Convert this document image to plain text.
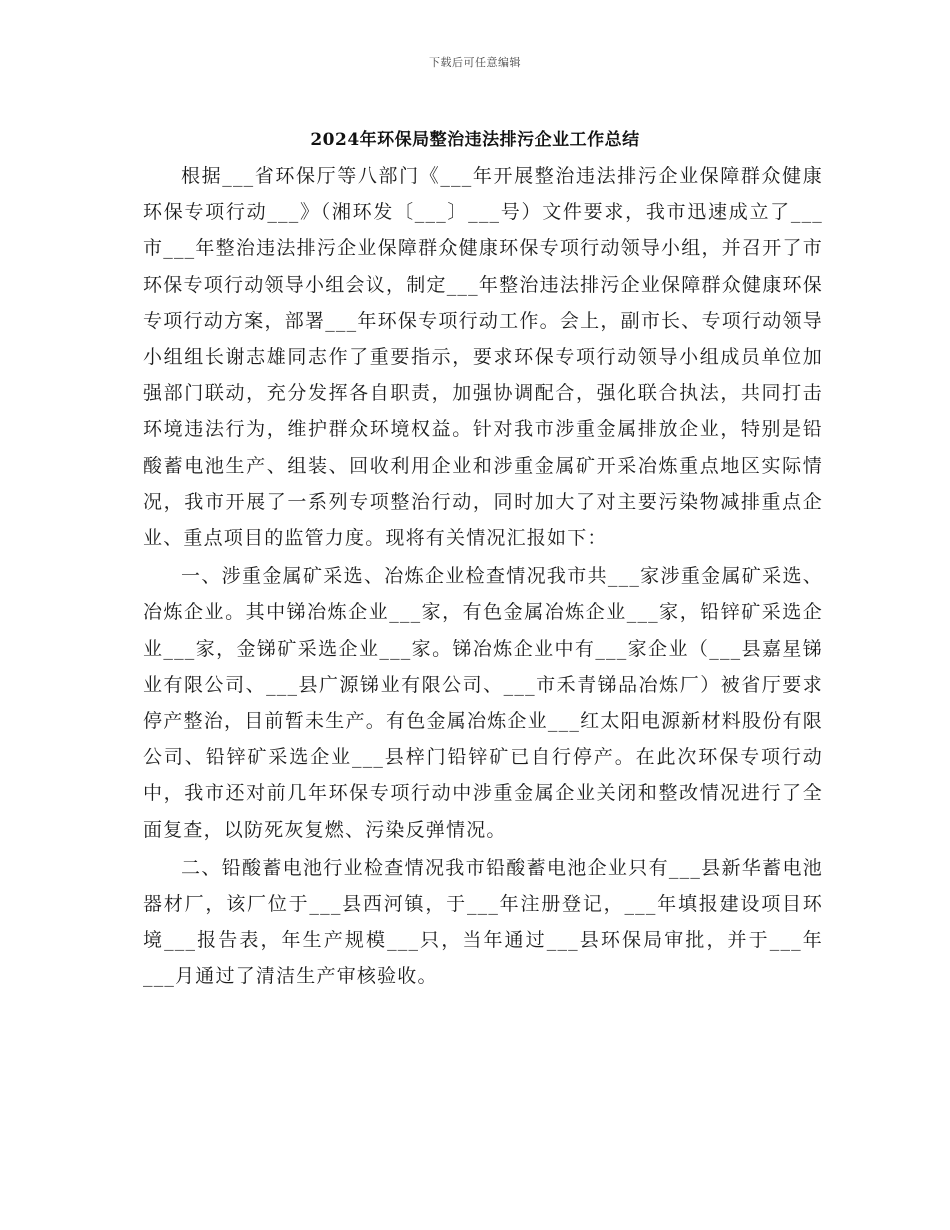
下载后可任意编辑
2024年环保局整治违法排污企业工作总结

根据___省环保厅等八部门《___年开展整治违法排污企业保障群众健康环保专项行动___》（湘环发〔___〕___号）文件要求，我市迅速成立了___市___年整治违法排污企业保障群众健康环保专项行动领导小组，并召开了市环保专项行动领导小组会议，制定___年整治违法排污企业保障群众健康环保专项行动方案，部署___年环保专项行动工作。会上，副市长、专项行动领导小组组长谢志雄同志作了重要指示，要求环保专项行动领导小组成员单位加强部门联动，充分发挥各自职责，加强协调配合，强化联合执法，共同打击环境违法行为，维护群众环境权益。针对我市涉重金属排放企业，特别是铅酸蓄电池生产、组装、回收利用企业和涉重金属矿开采冶炼重点地区实际情况，我市开展了一系列专项整治行动，同时加大了对主要污染物减排重点企业、重点项目的监管力度。现将有关情况汇报如下：

一、涉重金属矿采选、冶炼企业检查情况我市共___家涉重金属矿采选、冶炼企业。其中锑冶炼企业___家，有色金属冶炼企业___家，铅锌矿采选企业___家，金锑矿采选企业___家。锑冶炼企业中有___家企业（___县嘉星锑业有限公司、___县广源锑业有限公司、___市禾青锑品冶炼厂）被省厅要求停产整治，目前暂未生产。有色金属冶炼企业___红太阳电源新材料股份有限公司、铅锌矿采选企业___县梓门铅锌矿已自行停产。在此次环保专项行动中，我市还对前几年环保专项行动中涉重金属企业关闭和整改情况进行了全面复查，以防死灰复燃、污染反弹情况。

二、铅酸蓄电池行业检查情况我市铅酸蓄电池企业只有___县新华蓄电池器材厂，该厂位于___县西河镇，于___年注册登记，___年填报建设项目环境___报告表，年生产规模___只，当年通过___县环保局审批，并于___年___月通过了清洁生产审核验收。
